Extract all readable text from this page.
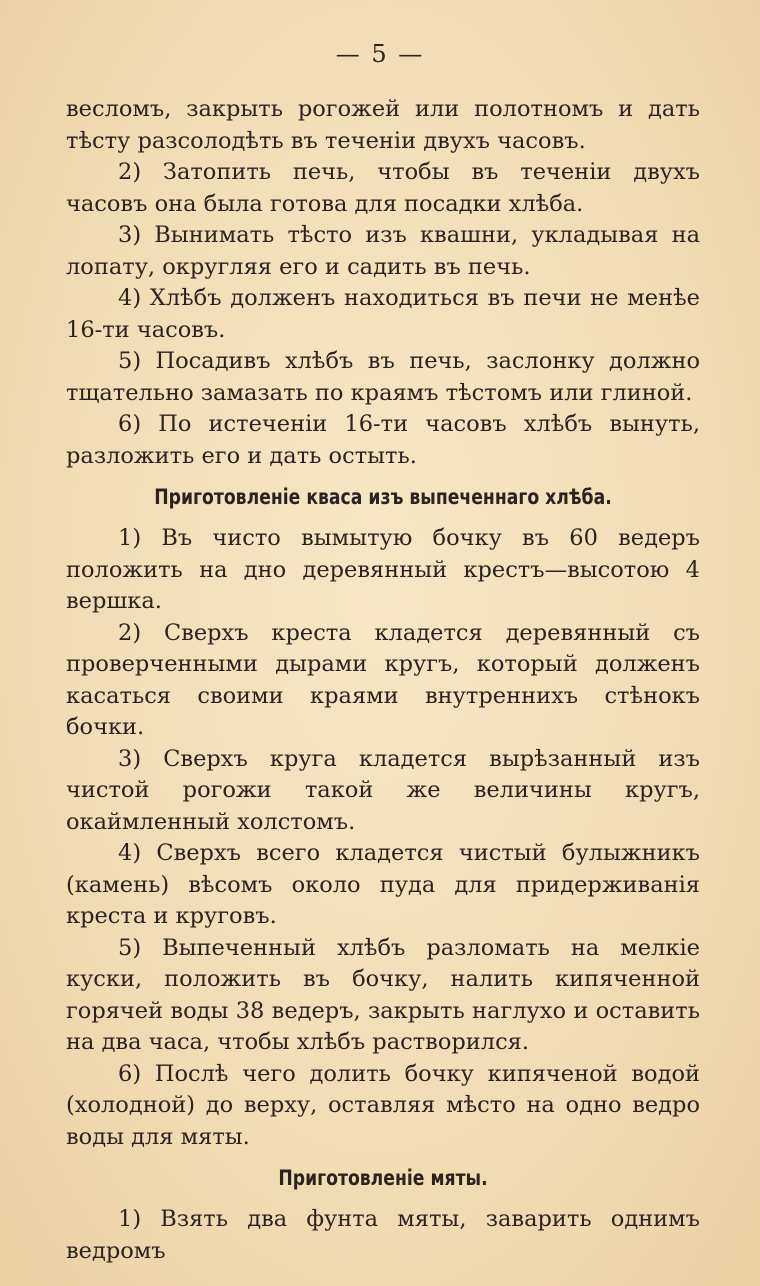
— 5 —

весломъ, закрыть рогожей или полотномъ и дать тѣсту разсолодѣть въ теченіи двухъ часовъ.

2) Затопить печь, чтобы въ теченіи двухъ часовъ она была готова для посадки хлѣба.

3) Вынимать тѣсто изъ квашни, укладывая на лопату, округляя его и садить въ печь.

4) Хлѣбъ долженъ находиться въ печи не менѣе 16-ти часовъ.

5) Посадивъ хлѣбъ въ печь, заслонку должно тщательно замазать по краямъ тѣстомъ или глиной.

6) По истеченіи 16-ти часовъ хлѣбъ вынуть, разложить его и дать остыть.

Приготовленіе кваса изъ выпеченнаго хлѣба.

1) Въ чисто вымытую бочку въ 60 ведеръ положить на дно деревянный крестъ—высотою 4 вершка.

2) Сверхъ креста кладется деревянный съ проверченными дырами кругъ, который долженъ касаться своими краями внутреннихъ стѣнокъ бочки.

3) Сверхъ круга кладется вырѣзанный изъ чистой рогожи такой же величины кругъ, окаймленный холстомъ.

4) Сверхъ всего кладется чистый булыжникъ (камень) вѣсомъ около пуда для придерживанія креста и круговъ.

5) Выпеченный хлѣбъ разломать на мелкіе куски, положить въ бочку, налить кипяченной горячей воды 38 ведеръ, закрыть наглухо и оставить на два часа, чтобы хлѣбъ растворился.

6) Послѣ чего долить бочку кипяченой водой (холодной) до верху, оставляя мѣсто на одно ведро воды для мяты.

Приготовленіе мяты.

1) Взять два фунта мяты, заварить однимъ ведромъ
